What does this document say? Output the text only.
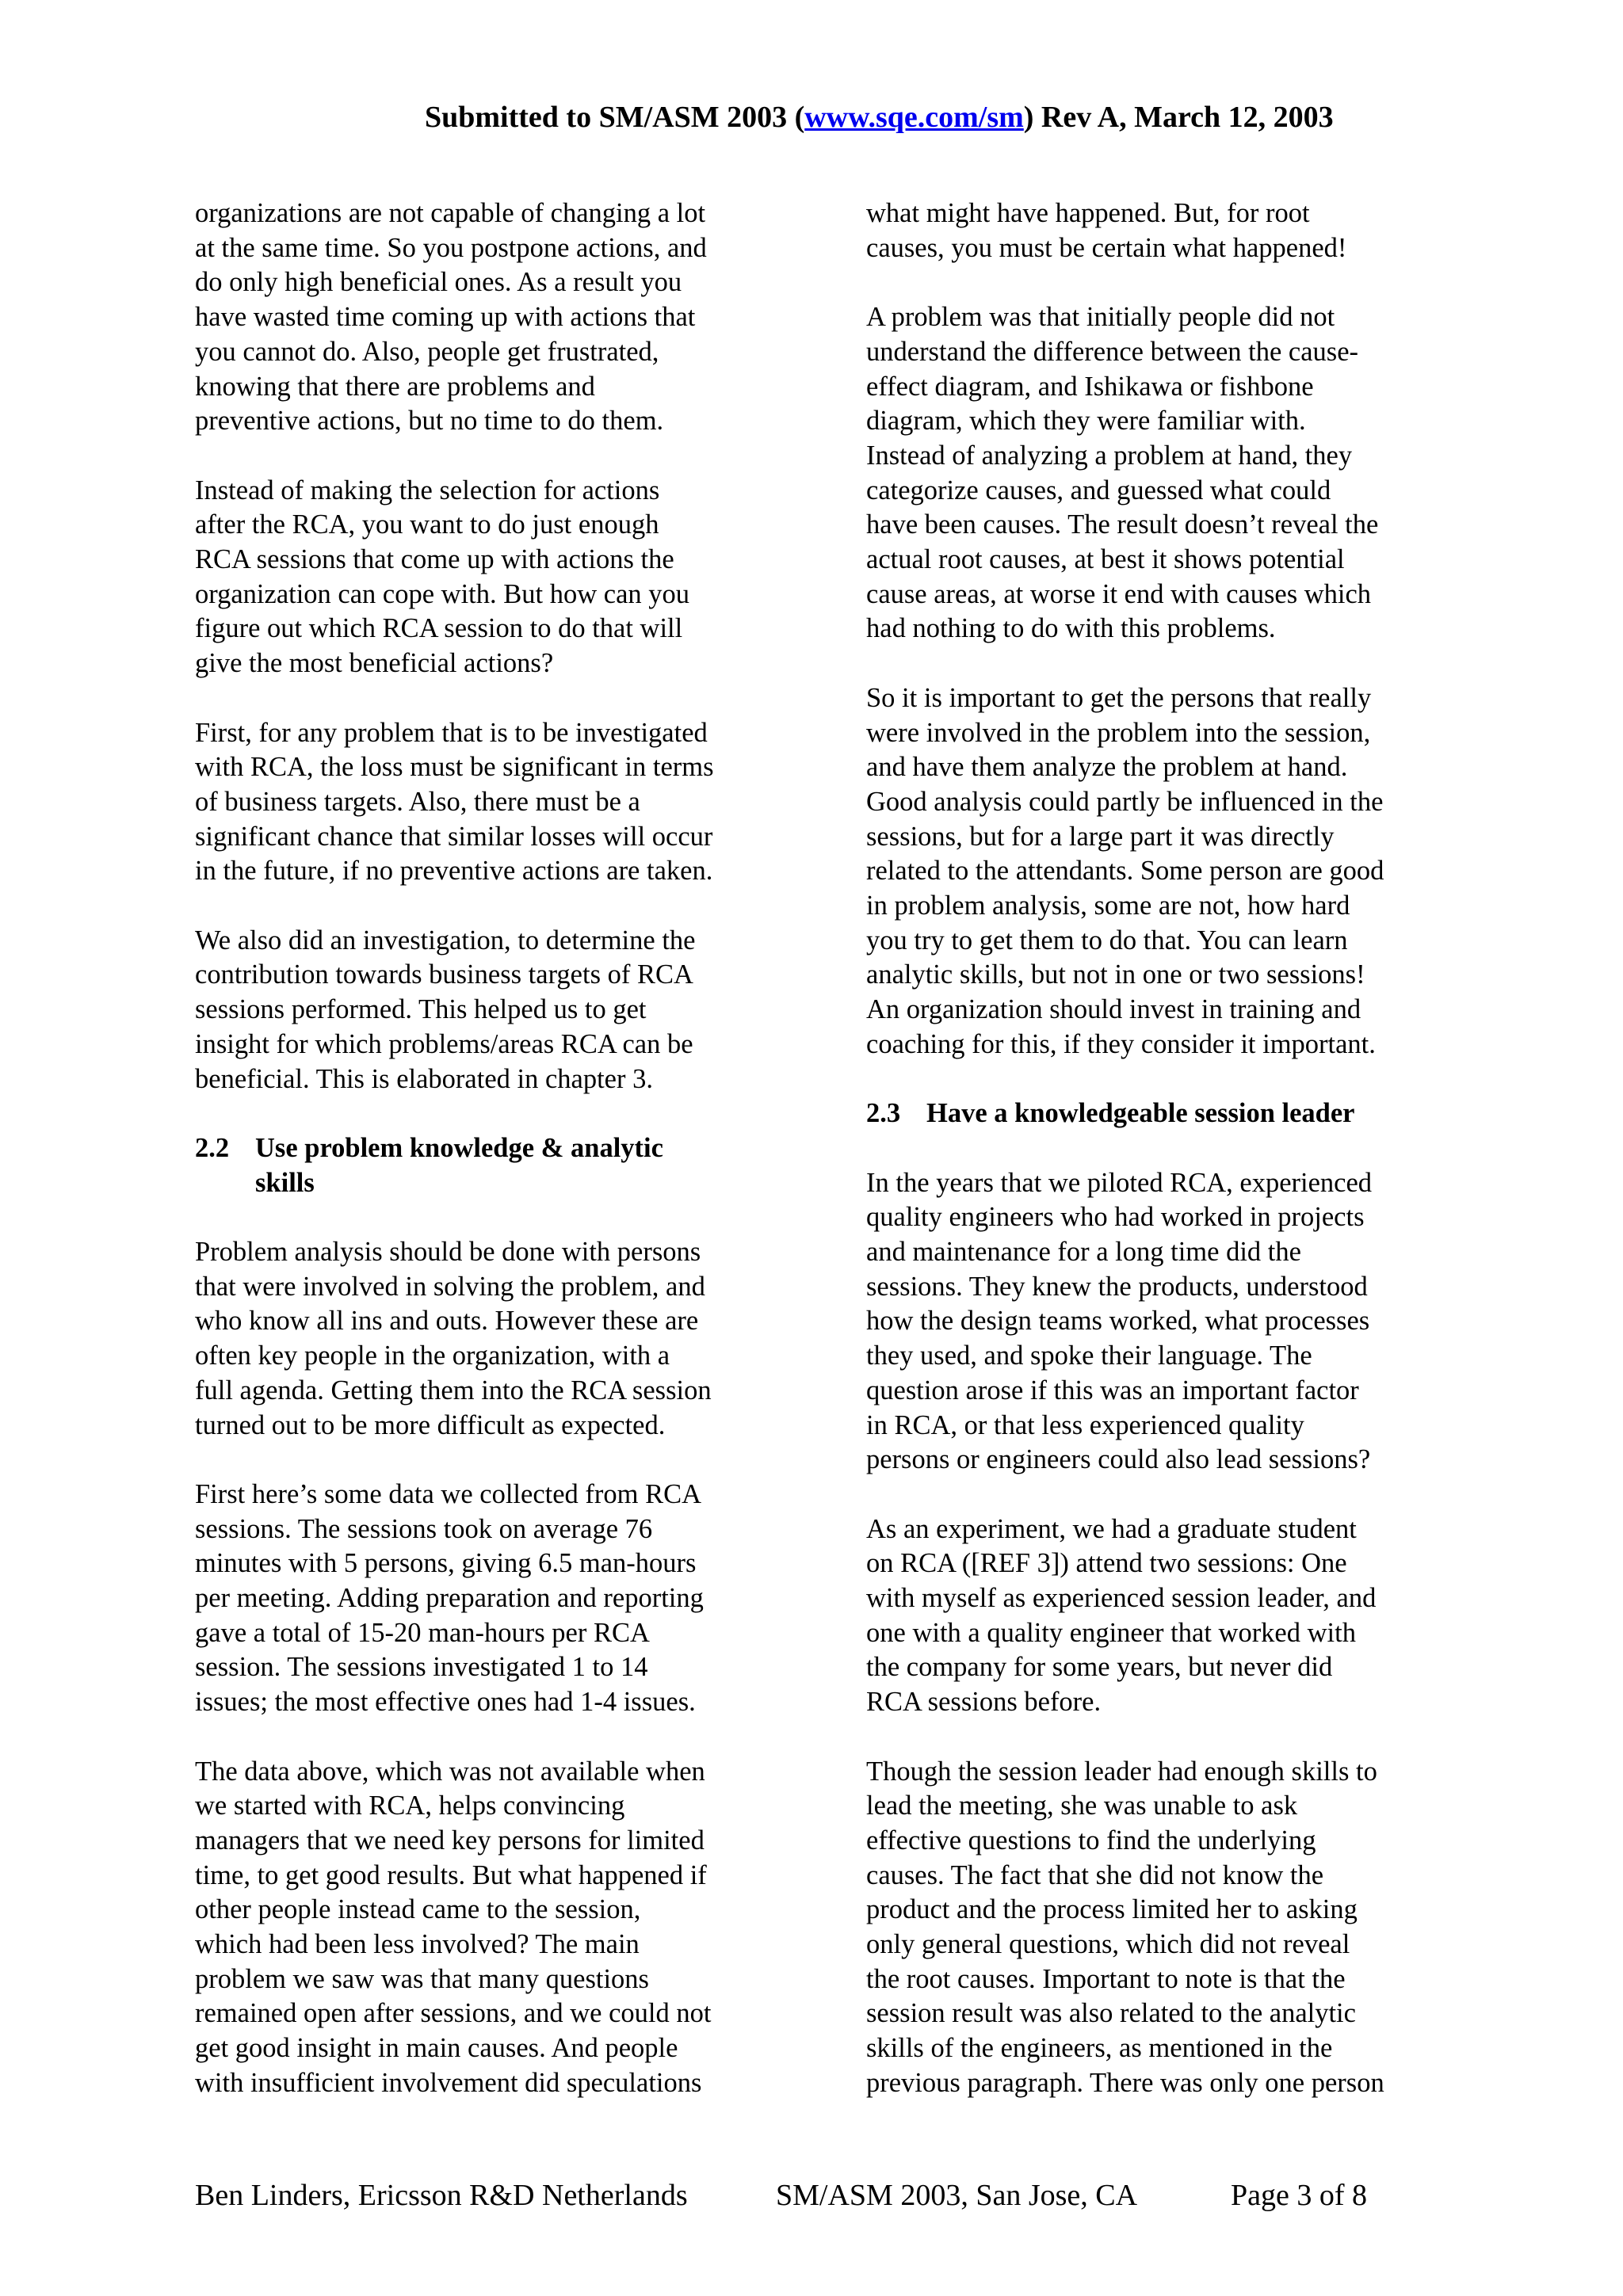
Submitted to SM/ASM 2003 (www.sqe.com/sm) Rev A, March 12, 2003

organizations are not capable of changing a lot
at the same time. So you postpone actions, and
do only high beneficial ones. As a result you
have wasted time coming up with actions that
you cannot do. Also, people get frustrated,
knowing that there are problems and
preventive actions, but no time to do them.

Instead of making the selection for actions
after the RCA, you want to do just enough
RCA sessions that come up with actions the
organization can cope with. But how can you
figure out which RCA session to do that will
give the most beneficial actions?

First, for any problem that is to be investigated
with RCA, the loss must be significant in terms
of business targets. Also, there must be a
significant chance that similar losses will occur
in the future, if no preventive actions are taken.

We also did an investigation, to determine the
contribution towards business targets of RCA
sessions performed. This helped us to get
insight for which problems/areas RCA can be
beneficial. This is elaborated in chapter 3.

2.2 Use problem knowledge & analytic
skills

Problem analysis should be done with persons
that were involved in solving the problem, and
who know all ins and outs. However these are
often key people in the organization, with a
full agenda. Getting them into the RCA session
turned out to be more difficult as expected.

First here’s some data we collected from RCA
sessions. The sessions took on average 76
minutes with 5 persons, giving 6.5 man-hours
per meeting. Adding preparation and reporting
gave a total of 15-20 man-hours per RCA
session. The sessions investigated 1 to 14
issues; the most effective ones had 1-4 issues.

The data above, which was not available when
we started with RCA, helps convincing
managers that we need key persons for limited
time, to get good results. But what happened if
other people instead came to the session,
which had been less involved? The main
problem we saw was that many questions
remained open after sessions, and we could not
get good insight in main causes. And people
with insufficient involvement did speculations

what might have happened. But, for root
causes, you must be certain what happened!

A problem was that initially people did not
understand the difference between the cause-
effect diagram, and Ishikawa or fishbone
diagram, which they were familiar with.
Instead of analyzing a problem at hand, they
categorize causes, and guessed what could
have been causes. The result doesn’t reveal the
actual root causes, at best it shows potential
cause areas, at worse it end with causes which
had nothing to do with this problems.

So it is important to get the persons that really
were involved in the problem into the session,
and have them analyze the problem at hand.
Good analysis could partly be influenced in the
sessions, but for a large part it was directly
related to the attendants. Some person are good
in problem analysis, some are not, how hard
you try to get them to do that. You can learn
analytic skills, but not in one or two sessions!
An organization should invest in training and
coaching for this, if they consider it important.

2.3 Have a knowledgeable session leader

In the years that we piloted RCA, experienced
quality engineers who had worked in projects
and maintenance for a long time did the
sessions. They knew the products, understood
how the design teams worked, what processes
they used, and spoke their language. The
question arose if this was an important factor
in RCA, or that less experienced quality
persons or engineers could also lead sessions?

As an experiment, we had a graduate student
on RCA ([REF 3]) attend two sessions: One
with myself as experienced session leader, and
one with a quality engineer that worked with
the company for some years, but never did
RCA sessions before.

Though the session leader had enough skills to
lead the meeting, she was unable to ask
effective questions to find the underlying
causes. The fact that she did not know the
product and the process limited her to asking
only general questions, which did not reveal
the root causes. Important to note is that the
session result was also related to the analytic
skills of the engineers, as mentioned in the
previous paragraph. There was only one person

Ben Linders, Ericsson R&D Netherlands	SM/ASM 2003, San Jose, CA	Page 3 of 8
